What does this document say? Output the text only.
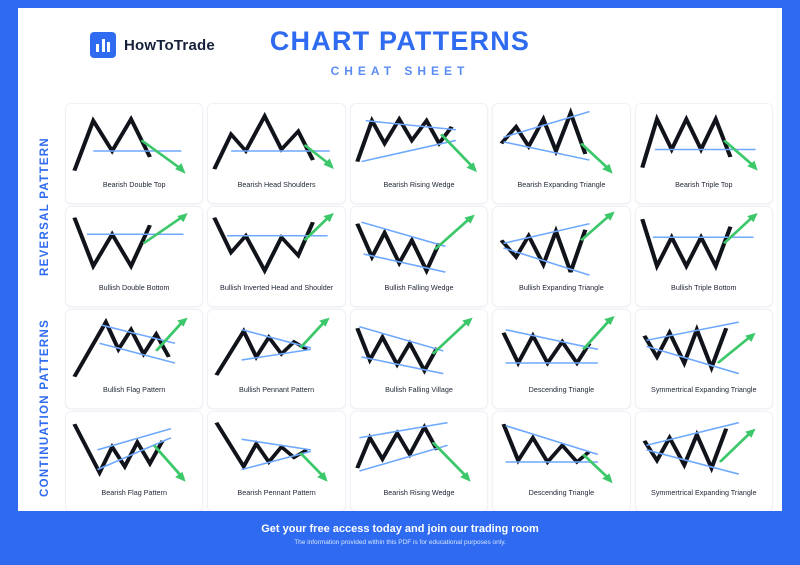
HowToTrade	CHART PATTERNS
CHEAT SHEET
REVERSAL PATTERN
CONTINUATION PATTERNS
Bearish Double Top	Bearish Head Shoulders	Bearish Rising Wedge	Bearish Expanding Triangle	Bearish Triple Top
Bullish Double Bottom	Bullish Inverted Head and Shoulder	Bullish Falling Wedge	Bullish Expanding Triangle	Bullish Triple Bottom
Bullish Flag Pattern	Bullish Pennant Pattern	Bullish Falling Village	Descending Triangle	Symmertrical Expanding Triangle
Bearish Flag Pattern	Bearish Pennant Pattern	Bearish Rising Wedge	Descending Triangle	Symmertrical Expanding Triangle
Get your free access today and join our trading room
The information provided within this PDF is for educational purposes only.
